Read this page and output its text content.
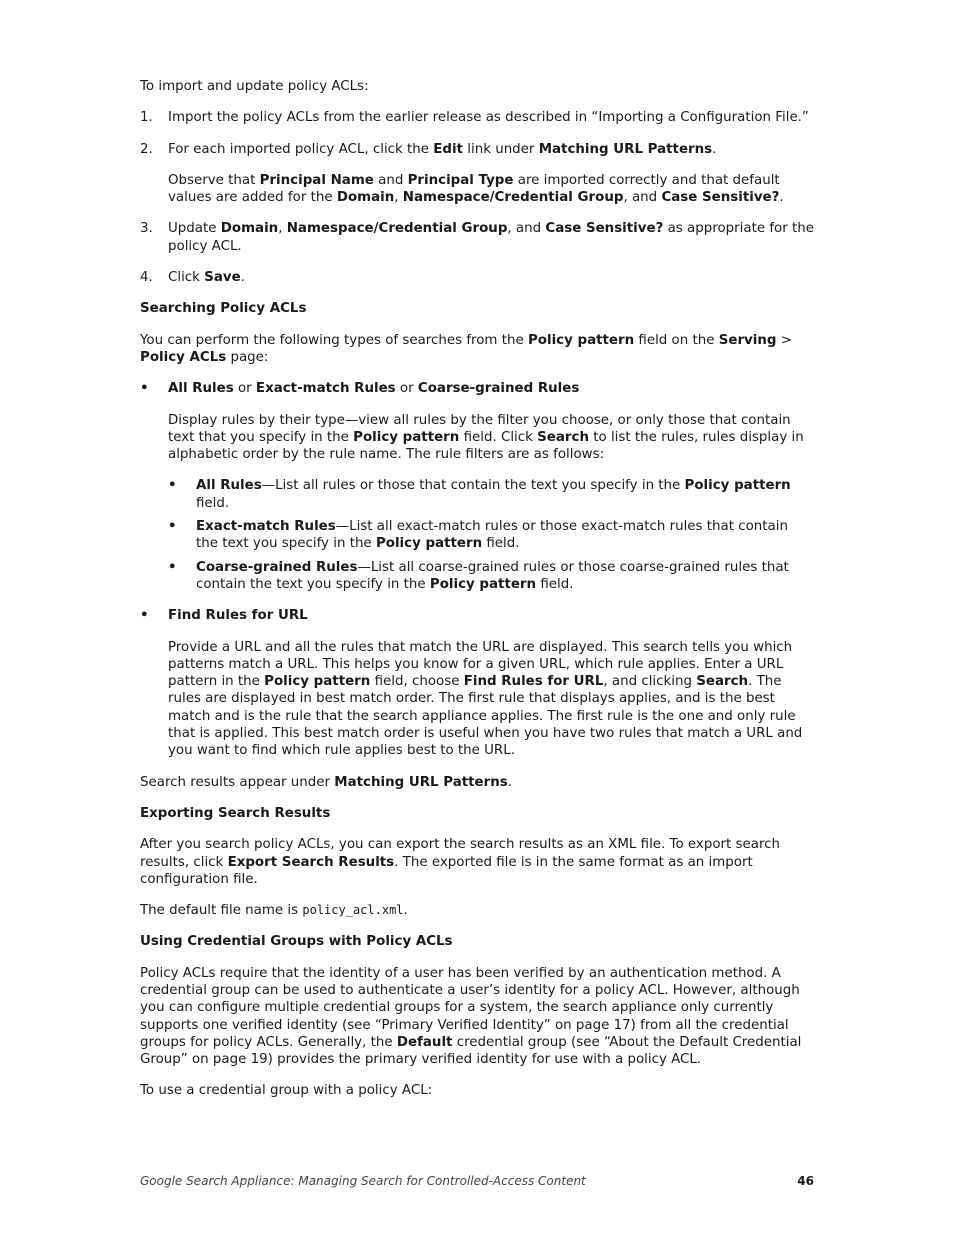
To import and update policy ACLs:

1.	Import the policy ACLs from the earlier release as described in “Importing a Configuration File.”
2.	For each imported policy ACL, click the Edit link under Matching URL Patterns.

Observe that Principal Name and Principal Type are imported correctly and that default values are added for the Domain, Namespace/Credential Group, and Case Sensitive?.

3.	Update Domain, Namespace/Credential Group, and Case Sensitive? as appropriate for the policy ACL.
4.	Click Save.
Searching Policy ACLs

You can perform the following types of searches from the Policy pattern field on the Serving > Policy ACLs page:

•	All Rules or Exact-match Rules or Coarse-grained Rules

Display rules by their type—view all rules by the filter you choose, or only those that contain text that you specify in the Policy pattern field. Click Search to list the rules, rules display in alphabetic order by the rule name. The rule filters are as follows:

•	All Rules—List all rules or those that contain the text you specify in the Policy pattern field.
•	Exact-match Rules—List all exact-match rules or those exact-match rules that contain the text you specify in the Policy pattern field.
•	Coarse-grained Rules—List all coarse-grained rules or those coarse-grained rules that contain the text you specify in the Policy pattern field.
•	Find Rules for URL

Provide a URL and all the rules that match the URL are displayed. This search tells you which patterns match a URL. This helps you know for a given URL, which rule applies. Enter a URL pattern in the Policy pattern field, choose Find Rules for URL, and clicking Search. The rules are displayed in best match order. The first rule that displays applies, and is the best match and is the rule that the search appliance applies. The first rule is the one and only rule that is applied. This best match order is useful when you have two rules that match a URL and you want to find which rule applies best to the URL.

Search results appear under Matching URL Patterns.

Exporting Search Results

After you search policy ACLs, you can export the search results as an XML file. To export search results, click Export Search Results. The exported file is in the same format as an import configuration file.

The default file name is policy_acl.xml.

Using Credential Groups with Policy ACLs

Policy ACLs require that the identity of a user has been verified by an authentication method. A credential group can be used to authenticate a user’s identity for a policy ACL. However, although you can configure multiple credential groups for a system, the search appliance only currently supports one verified identity (see “Primary Verified Identity” on page 17) from all the credential groups for policy ACLs. Generally, the Default credential group (see “About the Default Credential Group” on page 19) provides the primary verified identity for use with a policy ACL.

To use a credential group with a policy ACL:

Google Search Appliance: Managing Search for Controlled-Access Content	46
